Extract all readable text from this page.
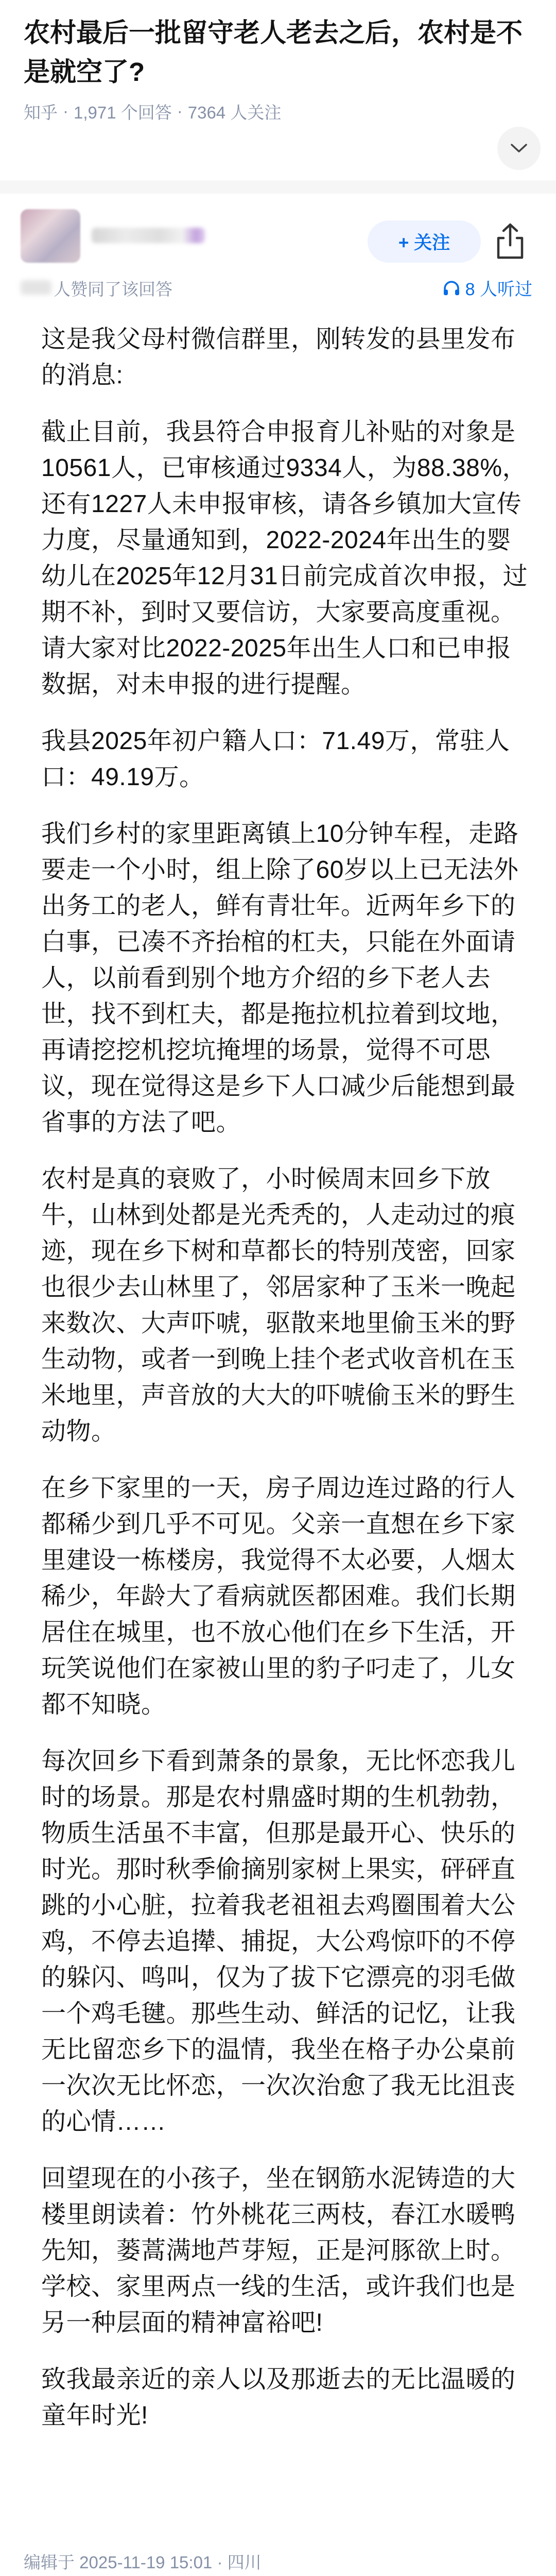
农村最后一批留守老人老去之后，农村是不是就空了?
知乎 · 1,971 个回答 · 7364 人关注
+ 关注
人赞同了该回答	8 人听过

这是我父母村微信群里，刚转发的县里发布的消息:

截止目前，我县符合申报育儿补贴的对象是10561人，已审核通过9334人，为88.38%，还有1227人未申报审核，请各乡镇加大宣传力度，尽量通知到，2022-2024年出生的婴幼儿在2025年12月31日前完成首次申报，过期不补，到时又要信访，大家要高度重视。请大家对比2022-2025年出生人口和已申报数据，对未申报的进行提醒。

我县2025年初户籍人口：71.49万，常驻人口：49.19万。

我们乡村的家里距离镇上10分钟车程，走路要走一个小时，组上除了60岁以上已无法外出务工的老人，鲜有青壮年。近两年乡下的白事，已凑不齐抬棺的杠夫，只能在外面请人，以前看到别个地方介绍的乡下老人去世，找不到杠夫，都是拖拉机拉着到坟地，再请挖挖机挖坑掩埋的场景，觉得不可思议，现在觉得这是乡下人口减少后能想到最省事的方法了吧。

农村是真的衰败了，小时候周末回乡下放牛，山林到处都是光秃秃的，人走动过的痕迹，现在乡下树和草都长的特别茂密，回家也很少去山林里了，邻居家种了玉米一晚起来数次、大声吓唬，驱散来地里偷玉米的野生动物，或者一到晚上挂个老式收音机在玉米地里，声音放的大大的吓唬偷玉米的野生动物。

在乡下家里的一天，房子周边连过路的行人都稀少到几乎不可见。父亲一直想在乡下家里建设一栋楼房，我觉得不太必要，人烟太稀少，年龄大了看病就医都困难。我们长期居住在城里，也不放心他们在乡下生活，开玩笑说他们在家被山里的豹子叼走了，儿女都不知晓。

每次回乡下看到萧条的景象，无比怀恋我儿时的场景。那是农村鼎盛时期的生机勃勃，物质生活虽不丰富，但那是最开心、快乐的时光。那时秋季偷摘别家树上果实，砰砰直跳的小心脏，拉着我老祖祖去鸡圈围着大公鸡，不停去追撵、捕捉，大公鸡惊吓的不停的躲闪、鸣叫，仅为了拔下它漂亮的羽毛做一个鸡毛毽。那些生动、鲜活的记忆，让我无比留恋乡下的温情，我坐在格子办公桌前一次次无比怀恋，一次次治愈了我无比沮丧的心情……

回望现在的小孩子，坐在钢筋水泥铸造的大楼里朗读着：竹外桃花三两枝，春江水暖鸭先知，蒌蒿满地芦芽短，正是河豚欲上时。学校、家里两点一线的生活，或许我们也是另一种层面的精神富裕吧!

致我最亲近的亲人以及那逝去的无比温暖的童年时光!

编辑于 2025-11-19 15:01 · 四川
